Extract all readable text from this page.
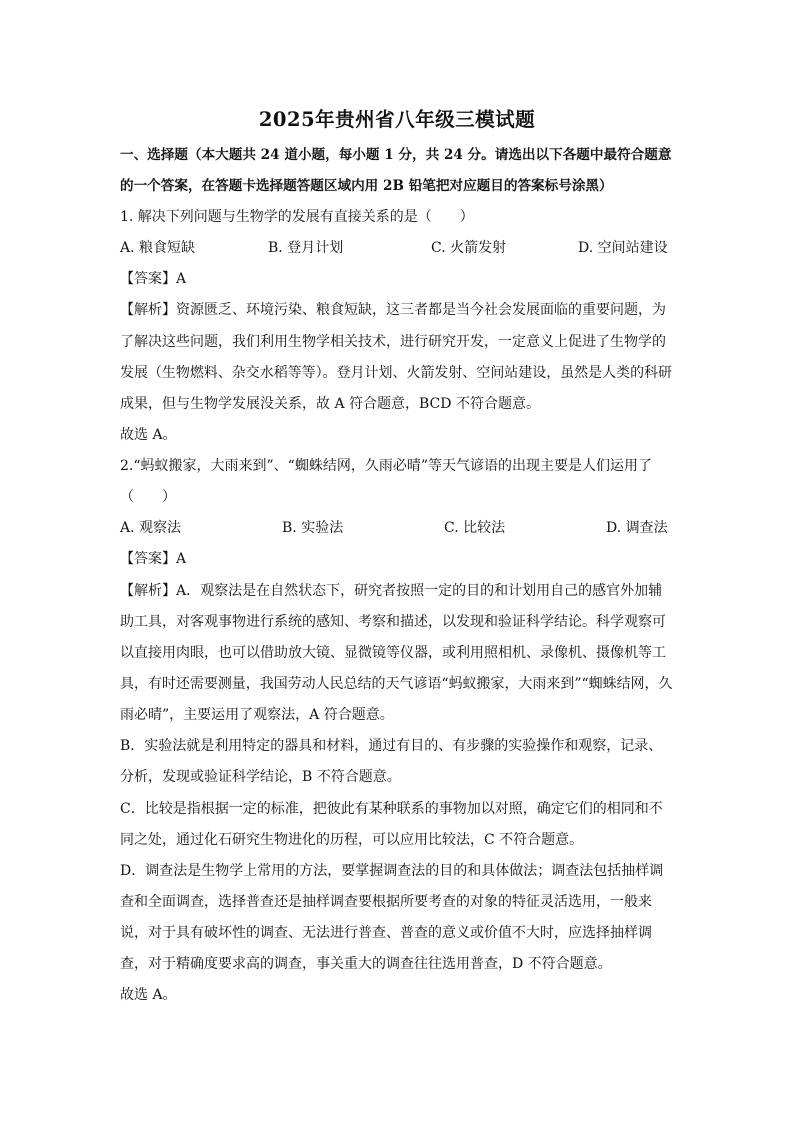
2025年贵州省八年级三模试题
一、选择题（本大题共 24 道小题，每小题 1 分，共 24 分。请选出以下各题中最符合题意
的一个答案，在答题卡选择题答题区域内用 2B 铅笔把对应题目的答案标号涂黑）
1. 解决下列问题与生物学的发展有直接关系的是（　　）
A. 粮食短缺	B. 登月计划	C. 火箭发射	D. 空间站建设
【答案】A
【解析】资源匮乏、环境污染、粮食短缺，这三者都是当今社会发展面临的重要问题，为
了解决这些问题，我们利用生物学相关技术，进行研究开发，一定意义上促进了生物学的
发展（生物燃料、杂交水稻等等）。登月计划、火箭发射、空间站建设，虽然是人类的科研
成果，但与生物学发展没关系，故 A 符合题意，BCD 不符合题意。
故选 A。
2.“蚂蚁搬家，大雨来到”、“蜘蛛结网，久雨必晴”等天气谚语的出现主要是人们运用了
（　　）
A. 观察法	B. 实验法	C. 比较法	D. 调查法
【答案】A
【解析】A．观察法是在自然状态下，研究者按照一定的目的和计划用自己的感官外加辅
助工具，对客观事物进行系统的感知、考察和描述，以发现和验证科学结论。科学观察可
以直接用肉眼，也可以借助放大镜、显微镜等仪器，或利用照相机、录像机、摄像机等工
具，有时还需要测量，我国劳动人民总结的天气谚语“蚂蚁搬家，大雨来到”“蜘蛛结网，久
雨必晴”，主要运用了观察法，A 符合题意。
B．实验法就是利用特定的器具和材料，通过有目的、有步骤的实验操作和观察，记录、
分析，发现或验证科学结论，B 不符合题意。
C．比较是指根据一定的标准，把彼此有某种联系的事物加以对照，确定它们的相同和不
同之处，通过化石研究生物进化的历程，可以应用比较法，C 不符合题意。
D．调查法是生物学上常用的方法，要掌握调查法的目的和具体做法；调查法包括抽样调
查和全面调查，选择普查还是抽样调查要根据所要考查的对象的特征灵活选用，一般来
说，对于具有破坏性的调查、无法进行普查、普查的意义或价值不大时，应选择抽样调
查，对于精确度要求高的调查，事关重大的调查往往选用普查，D 不符合题意。
故选 A。
